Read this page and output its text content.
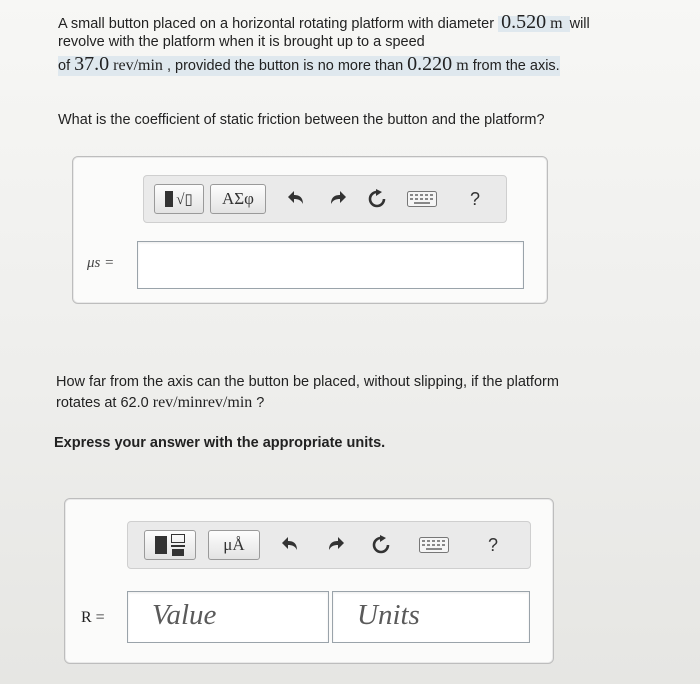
A small button placed on a horizontal rotating platform with diameter 0.520 m will
revolve with the platform when it is brought up to a speed
of 37.0 rev/min , provided the button is no more than 0.220 m from the axis.
What is the coefficient of static friction between the button and the platform?
√▯ ΑΣφ	?
μs =
How far from the axis can the button be placed, without slipping, if the platform
rotates at 62.0 rev/minrev/min ?
Express your answer with the appropriate units.
μÅ	?
R = Value	Units
